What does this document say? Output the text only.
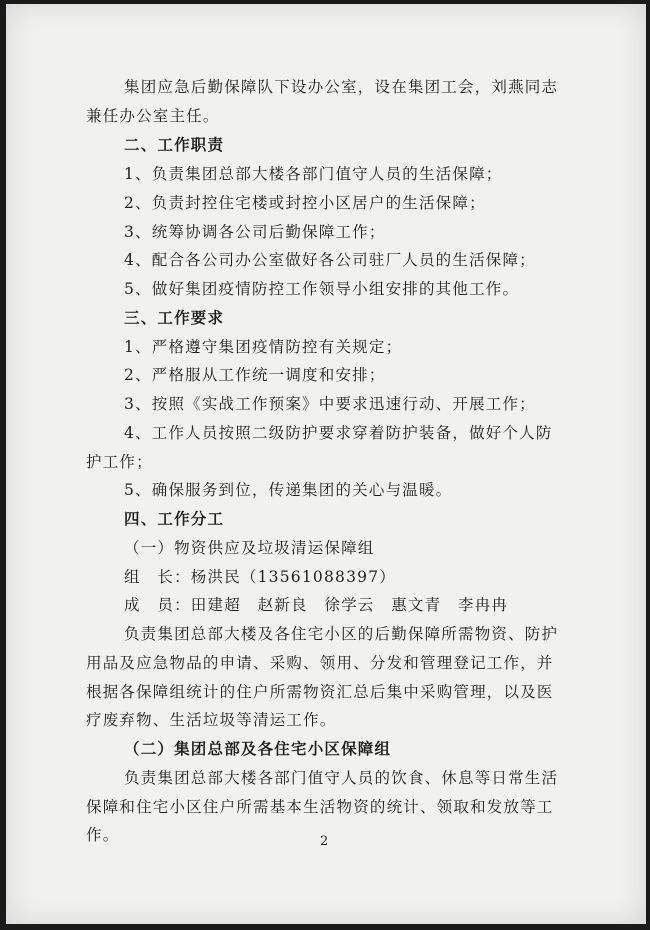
集团应急后勤保障队下设办公室，设在集团工会，刘燕同志
兼任办公室主任。
二、工作职责
1、负责集团总部大楼各部门值守人员的生活保障；
2、负责封控住宅楼或封控小区居户的生活保障；
3、统筹协调各公司后勤保障工作；
4、配合各公司办公室做好各公司驻厂人员的生活保障；
5、做好集团疫情防控工作领导小组安排的其他工作。
三、工作要求
1、严格遵守集团疫情防控有关规定；
2、严格服从工作统一调度和安排；
3、按照《实战工作预案》中要求迅速行动、开展工作；
4、工作人员按照二级防护要求穿着防护装备，做好个人防
护工作；
5、确保服务到位，传递集团的关心与温暖。
四、工作分工
（一）物资供应及垃圾清运保障组
组　长：杨洪民（13561088397）
成　员：田建超　赵新良　徐学云　惠文青　李冉冉
负责集团总部大楼及各住宅小区的后勤保障所需物资、防护
用品及应急物品的申请、采购、领用、分发和管理登记工作，并
根据各保障组统计的住户所需物资汇总后集中采购管理，以及医
疗废弃物、生活垃圾等清运工作。
（二）集团总部及各住宅小区保障组
负责集团总部大楼各部门值守人员的饮食、休息等日常生活
保障和住宅小区住户所需基本生活物资的统计、领取和发放等工
作。	2
